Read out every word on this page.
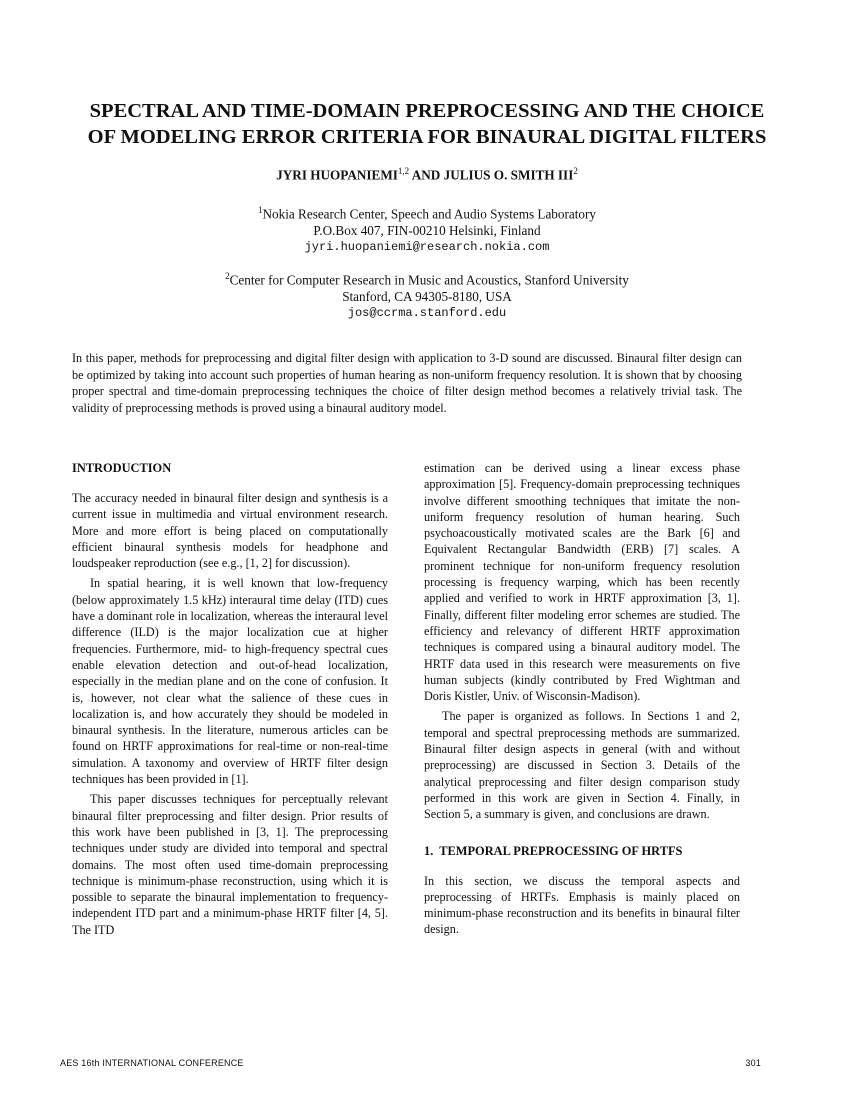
SPECTRAL AND TIME-DOMAIN PREPROCESSING AND THE CHOICE
OF MODELING ERROR CRITERIA FOR BINAURAL DIGITAL FILTERS
JYRI HUOPANIEMI$^{1,2}$ AND JULIUS O. SMITH III$^2$
$^1$Nokia Research Center, Speech and Audio Systems Laboratory
P.O.Box 407, FIN-00210 Helsinki, Finland
jyri.huopaniemi@research.nokia.com
$^2$Center for Computer Research in Music and Acoustics, Stanford University
Stanford, CA 94305-8180, USA
jos@ccrma.stanford.edu
In this paper, methods for preprocessing and digital filter design with application to 3-D sound are discussed. Binaural filter design can be optimized by taking into account such properties of human hearing as non-uniform frequency resolution. It is shown that by choosing proper spectral and time-domain preprocessing techniques the choice of filter design method becomes a relatively trivial task. The validity of preprocessing methods is proved using a binaural auditory model.
INTRODUCTION

The accuracy needed in binaural filter design and synthesis is a current issue in multimedia and virtual environment research. More and more effort is being placed on computationally efficient binaural synthesis models for headphone and loudspeaker reproduction (see e.g., [1, 2] for discussion).

In spatial hearing, it is well known that low-frequency (below approximately 1.5 kHz) interaural time delay (ITD) cues have a dominant role in localization, whereas the interaural level difference (ILD) is the major localization cue at higher frequencies. Furthermore, mid- to high-frequency spectral cues enable elevation detection and out-of-head localization, especially in the median plane and on the cone of confusion. It is, however, not clear what the salience of these cues in localization is, and how accurately they should be modeled in binaural synthesis. In the literature, numerous articles can be found on HRTF approximations for real-time or non-real-time simulation. A taxonomy and overview of HRTF filter design techniques has been provided in [1].

This paper discusses techniques for perceptually relevant binaural filter preprocessing and filter design. Prior results of this work have been published in [3, 1]. The preprocessing techniques under study are divided into temporal and spectral domains. The most often used time-domain preprocessing technique is minimum-phase reconstruction, using which it is possible to separate the binaural implementation to frequency-independent ITD part and a minimum-phase HRTF filter [4, 5]. The ITD

estimation can be derived using a linear excess phase approximation [5]. Frequency-domain preprocessing techniques involve different smoothing techniques that imitate the non-uniform frequency resolution of human hearing. Such psychoacoustically motivated scales are the Bark [6] and Equivalent Rectangular Bandwidth (ERB) [7] scales. A prominent technique for non-uniform frequency resolution processing is frequency warping, which has been recently applied and verified to work in HRTF approximation [3, 1]. Finally, different filter modeling error schemes are studied. The efficiency and relevancy of different HRTF approximation techniques is compared using a binaural auditory model. The HRTF data used in this research were measurements on five human subjects (kindly contributed by Fred Wightman and Doris Kistler, Univ. of Wisconsin-Madison).

The paper is organized as follows. In Sections 1 and 2, temporal and spectral preprocessing methods are summarized. Binaural filter design aspects in general (with and without preprocessing) are discussed in Section 3. Details of the analytical preprocessing and filter design comparison study performed in this work are given in Section 4. Finally, in Section 5, a summary is given, and conclusions are drawn.

1.  TEMPORAL PREPROCESSING OF HRTFS

In this section, we discuss the temporal aspects and preprocessing of HRTFs. Emphasis is mainly placed on minimum-phase reconstruction and its benefits in binaural filter design.

AES 16th INTERNATIONAL CONFERENCE	301
